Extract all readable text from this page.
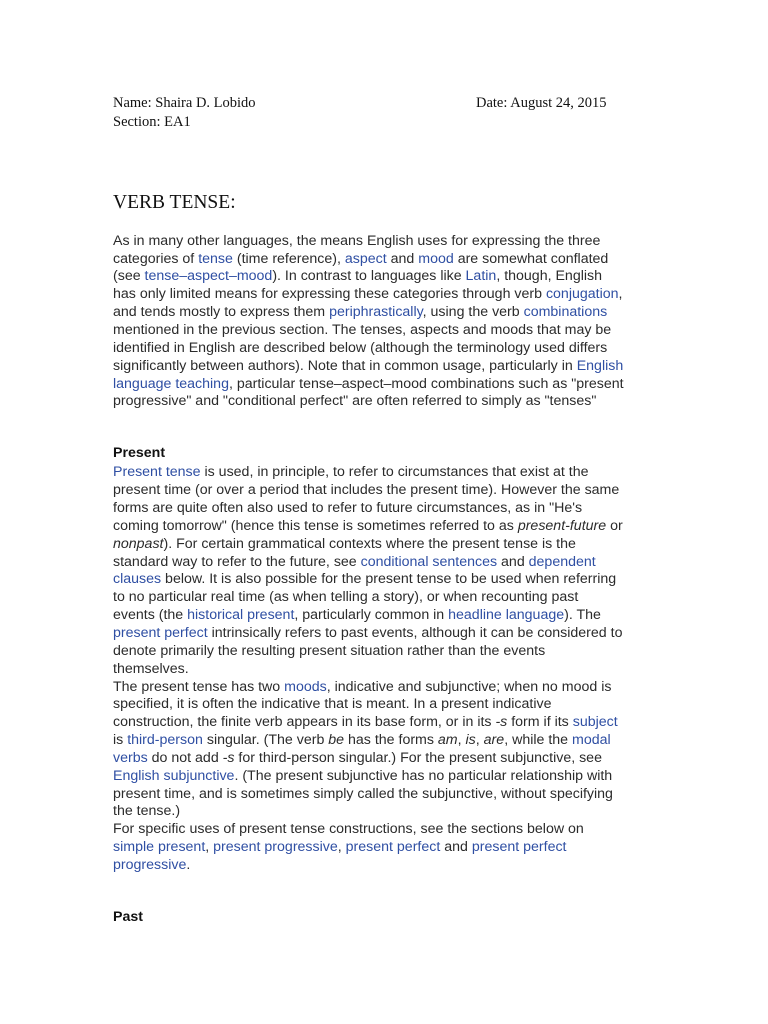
Name: Shaira D. Lobido	Date: August 24, 2015
Section: EA1
VERB TENSE:
As in many other languages, the means English uses for expressing the three
categories of tense (time reference), aspect and mood are somewhat conflated
(see tense–aspect–mood). In contrast to languages like Latin, though, English
has only limited means for expressing these categories through verb conjugation,
and tends mostly to express them periphrastically, using the verb combinations
mentioned in the previous section. The tenses, aspects and moods that may be
identified in English are described below (although the terminology used differs
significantly between authors). Note that in common usage, particularly in English
language teaching, particular tense–aspect–mood combinations such as "present
progressive" and "conditional perfect" are often referred to simply as "tenses"
Present
Present tense is used, in principle, to refer to circumstances that exist at the
present time (or over a period that includes the present time). However the same
forms are quite often also used to refer to future circumstances, as in "He's
coming tomorrow" (hence this tense is sometimes referred to as present-future or
nonpast). For certain grammatical contexts where the present tense is the
standard way to refer to the future, see conditional sentences and dependent
clauses below. It is also possible for the present tense to be used when referring
to no particular real time (as when telling a story), or when recounting past
events (the historical present, particularly common in headline language). The
present perfect intrinsically refers to past events, although it can be considered to
denote primarily the resulting present situation rather than the events
themselves.
The present tense has two moods, indicative and subjunctive; when no mood is
specified, it is often the indicative that is meant. In a present indicative
construction, the finite verb appears in its base form, or in its -s form if its subject
is third-person singular. (The verb be has the forms am, is, are, while the modal
verbs do not add -s for third-person singular.) For the present subjunctive, see
English subjunctive. (The present subjunctive has no particular relationship with
present time, and is sometimes simply called the subjunctive, without specifying
the tense.)
For specific uses of present tense constructions, see the sections below on
simple present, present progressive, present perfect and present perfect
progressive.
Past
